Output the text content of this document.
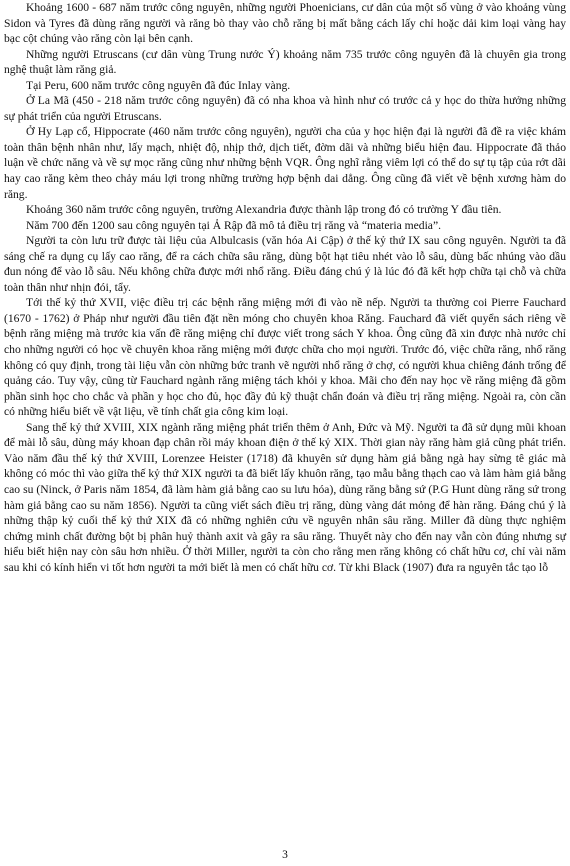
Khoảng 1600 - 687 năm trước công nguyên, những người Phoenicians, cư dân của một số vùng ở vào khoảng vùng Sidon và Tyres đã dùng răng người và răng bò thay vào chỗ răng bị mất bằng cách lấy chỉ hoặc dải kim loại vàng hay bạc cột chúng vào răng còn lại bên cạnh.

Những người Etruscans (cư dân vùng Trung nước Ý) khoảng năm 735 trước công nguyên đã là chuyên gia trong nghệ thuật làm răng giả.

Tại Peru, 600 năm trước công nguyên đã đúc Inlay vàng.

Ở La Mã (450 - 218 năm trước công nguyên) đã có nha khoa và hình như có trước cả y học do thừa hưởng những sự phát triển của người Etruscans.

Ở Hy Lạp cổ, Hippocrate (460 năm trước công nguyên), người cha của y học hiện đại là người đã đề ra việc khám toàn thân bệnh nhân như, lấy mạch, nhiệt độ, nhịp thở, dịch tiết, đờm dãi và những biểu hiện đau. Hippocrate đã thảo luận về chức năng và về sự mọc răng cũng như những bệnh VQR. Ông nghĩ rằng viêm lợi có thể do sự tụ tập của rớt dãi hay cao răng kèm theo chảy máu lợi trong những trường hợp bệnh dai dẳng. Ông cũng đã viết về bệnh xương hàm do răng.

Khoảng 360 năm trước công nguyên, trường Alexandria được thành lập trong đó có trường Y đầu tiên.

Năm 700 đến 1200 sau công nguyên tại Ả Rập đã mô tả điều trị răng và “materia media”.

Người ta còn lưu trữ được tài liệu của Albulcasis (văn hóa Ai Cập) ở thế kỷ thứ IX sau công nguyên. Người ta đã sáng chế ra dụng cụ lấy cao răng, để ra cách chữa sâu răng, dùng bột hạt tiêu nhét vào lỗ sâu, dùng bấc nhúng vào dầu đun nóng để vào lỗ sâu. Nếu không chữa được mới nhổ răng. Điều đáng chú ý là lúc đó đã kết hợp chữa tại chỗ và chữa toàn thân như nhịn đói, tẩy.

Tới thế kỷ thứ XVII, việc điều trị các bệnh răng miệng mới đi vào nề nếp. Người ta thường coi Pierre Fauchard (1670 - 1762) ở Pháp như người đầu tiên đặt nền móng cho chuyên khoa Răng. Fauchard đã viết quyển sách riêng về bệnh răng miệng mà trước kia vấn đề răng miệng chỉ được viết trong sách Y khoa. Ông cũng đã xin được nhà nước chỉ cho những người có học về chuyên khoa răng miệng mới được chữa cho mọi người. Trước đó, việc chữa răng, nhổ răng không có quy định, trong tài liệu vẫn còn những bức tranh vẽ người nhổ răng ở chợ, có người khua chiêng đánh trống để quảng cáo. Tuy vậy, cũng từ Fauchard ngành răng miệng tách khỏi y khoa. Mãi cho đến nay học về răng miệng đã gồm phần sinh học cho chắc và phần y học cho đủ, học đầy đủ kỹ thuật chẩn đoán và điều trị răng miệng. Ngoài ra, còn cần có những hiểu biết về vật liệu, về tính chất gia công kim loại.

Sang thế kỷ thứ XVIII, XIX ngành răng miệng phát triển thêm ở Anh, Đức và Mỹ. Người ta đã sử dụng mũi khoan để mài lỗ sâu, dùng máy khoan đạp chân rồi máy khoan điện ở thế kỷ XIX. Thời gian này răng hàm giả cũng phát triển. Vào năm đầu thế kỷ thứ XVIII, Lorenzee Heister (1718) đã khuyên sử dụng hàm giả bằng ngà hay sừng tê giác mà không có móc thì vào giữa thế kỷ thứ XIX người ta đã biết lấy khuôn răng, tạo mẫu bằng thạch cao và làm hàm giả bằng cao su (Ninck, ở Paris năm 1854, đã làm hàm giả bằng cao su lưu hóa), dùng răng bằng sứ (P.G Hunt dùng răng sứ trong hàm giả bằng cao su năm 1856). Người ta cũng viết sách điều trị răng, dùng vàng dát mỏng để hàn răng. Đáng chú ý là những thập kỷ cuối thế kỷ thứ XIX đã có những nghiên cứu về nguyên nhân sâu răng. Miller đã dùng thực nghiệm chứng minh chất đường bột bị phân huỷ thành axit và gây ra sâu răng. Thuyết này cho đến nay vẫn còn đúng nhưng sự hiểu biết hiện nay còn sâu hơn nhiều. Ở thời Miller, người ta còn cho rằng men răng không có chất hữu cơ, chỉ vài năm sau khi có kính hiển vi tốt hơn người ta mới biết là men có chất hữu cơ. Từ khi Black (1907) đưa ra nguyên tắc tạo lỗ

3
